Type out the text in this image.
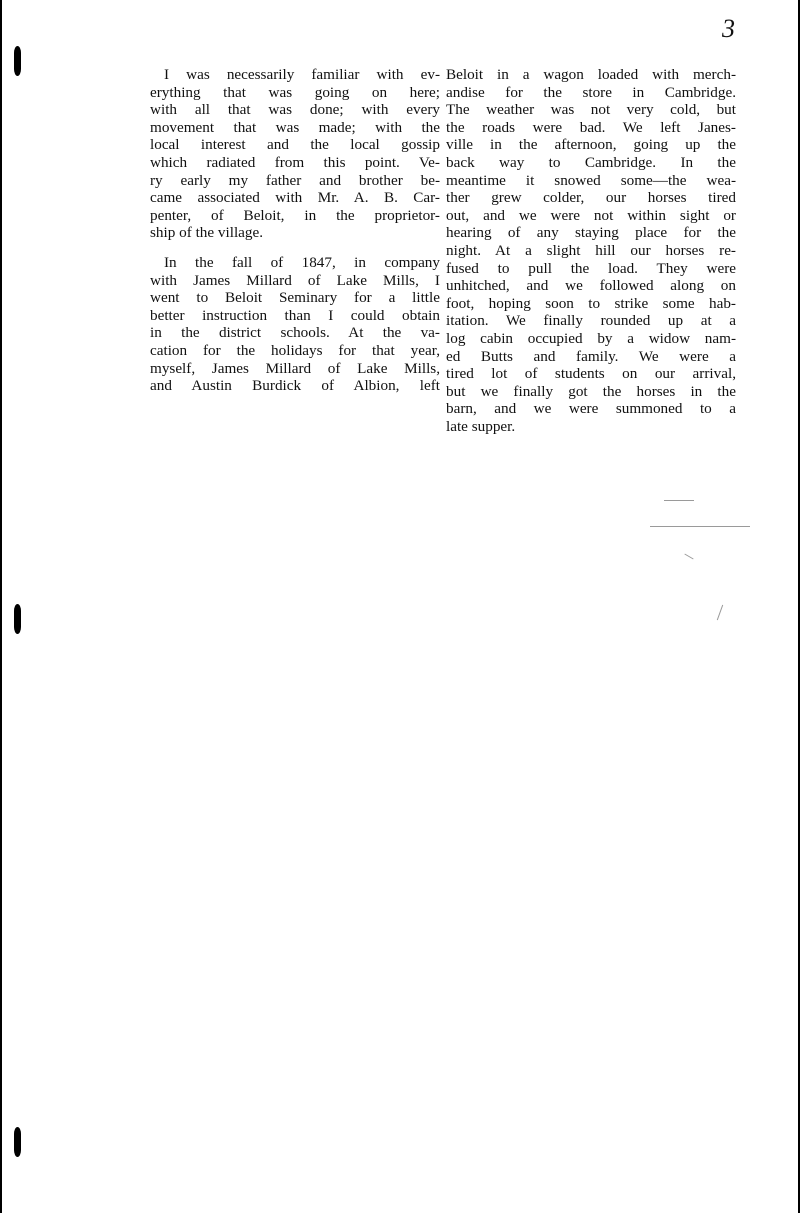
3
I was necessarily familiar with ev-
erything that was going on here;
with all that was done; with every
movement that was made; with the
local interest and the local gossip
which radiated from this point. Ve-
ry early my father and brother be-
came associated with Mr. A. B. Car-
penter, of Beloit, in the proprietor-
ship of the village.
In the fall of 1847, in company
with James Millard of Lake Mills, I
went to Beloit Seminary for a little
better instruction than I could obtain
in the district schools. At the va-
cation for the holidays for that year,
myself, James Millard of Lake Mills,
and Austin Burdick of Albion, left
Beloit in a wagon loaded with merch-
andise for the store in Cambridge.
The weather was not very cold, but
the roads were bad. We left Janes-
ville in the afternoon, going up the
back way to Cambridge. In the
meantime it snowed some—the wea-
ther grew colder, our horses tired
out, and we were not within sight or
hearing of any staying place for the
night. At a slight hill our horses re-
fused to pull the load. They were
unhitched, and we followed along on
foot, hoping soon to strike some hab-
itation. We finally rounded up at a
log cabin occupied by a widow nam-
ed Butts and family. We were a
tired lot of students on our arrival,
but we finally got the horses in the
barn, and we were summoned to a
late supper.
